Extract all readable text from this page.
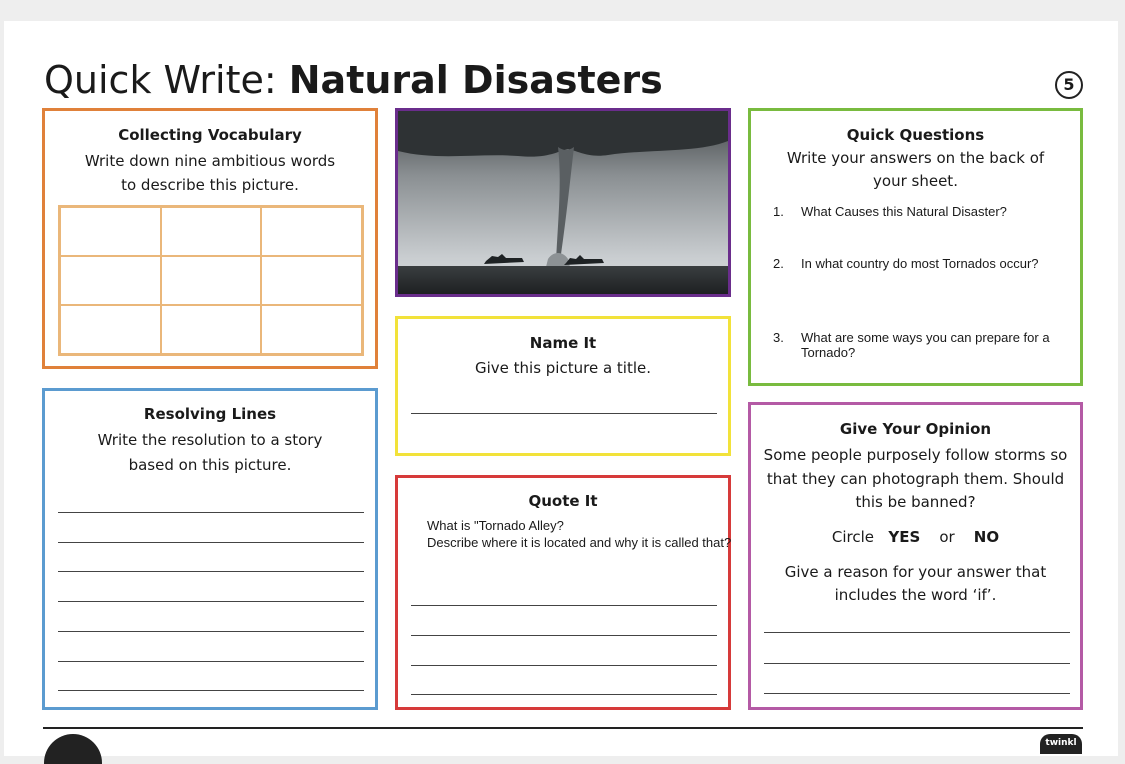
Quick Write: Natural Disasters	5
Collecting Vocabulary
Write down nine ambitious words
to describe this picture.
Quick Questions
Write your answers on the back of
your sheet.
1. What Causes this Natural Disaster?
2. In what country do most Tornados occur?
3. What are some ways you can prepare for a Tornado?
Name It
Give this picture a title.
Resolving Lines
Write the resolution to a story
based on this picture.
Quote It
What is "Tornado Alley?
Describe where it is located and why it is called that?
Give Your Opinion
Some people purposely follow storms so
that they can photograph them. Should
this be banned?
Circle YES or NO
Give a reason for your answer that
includes the word ‘if’.
twinkl
